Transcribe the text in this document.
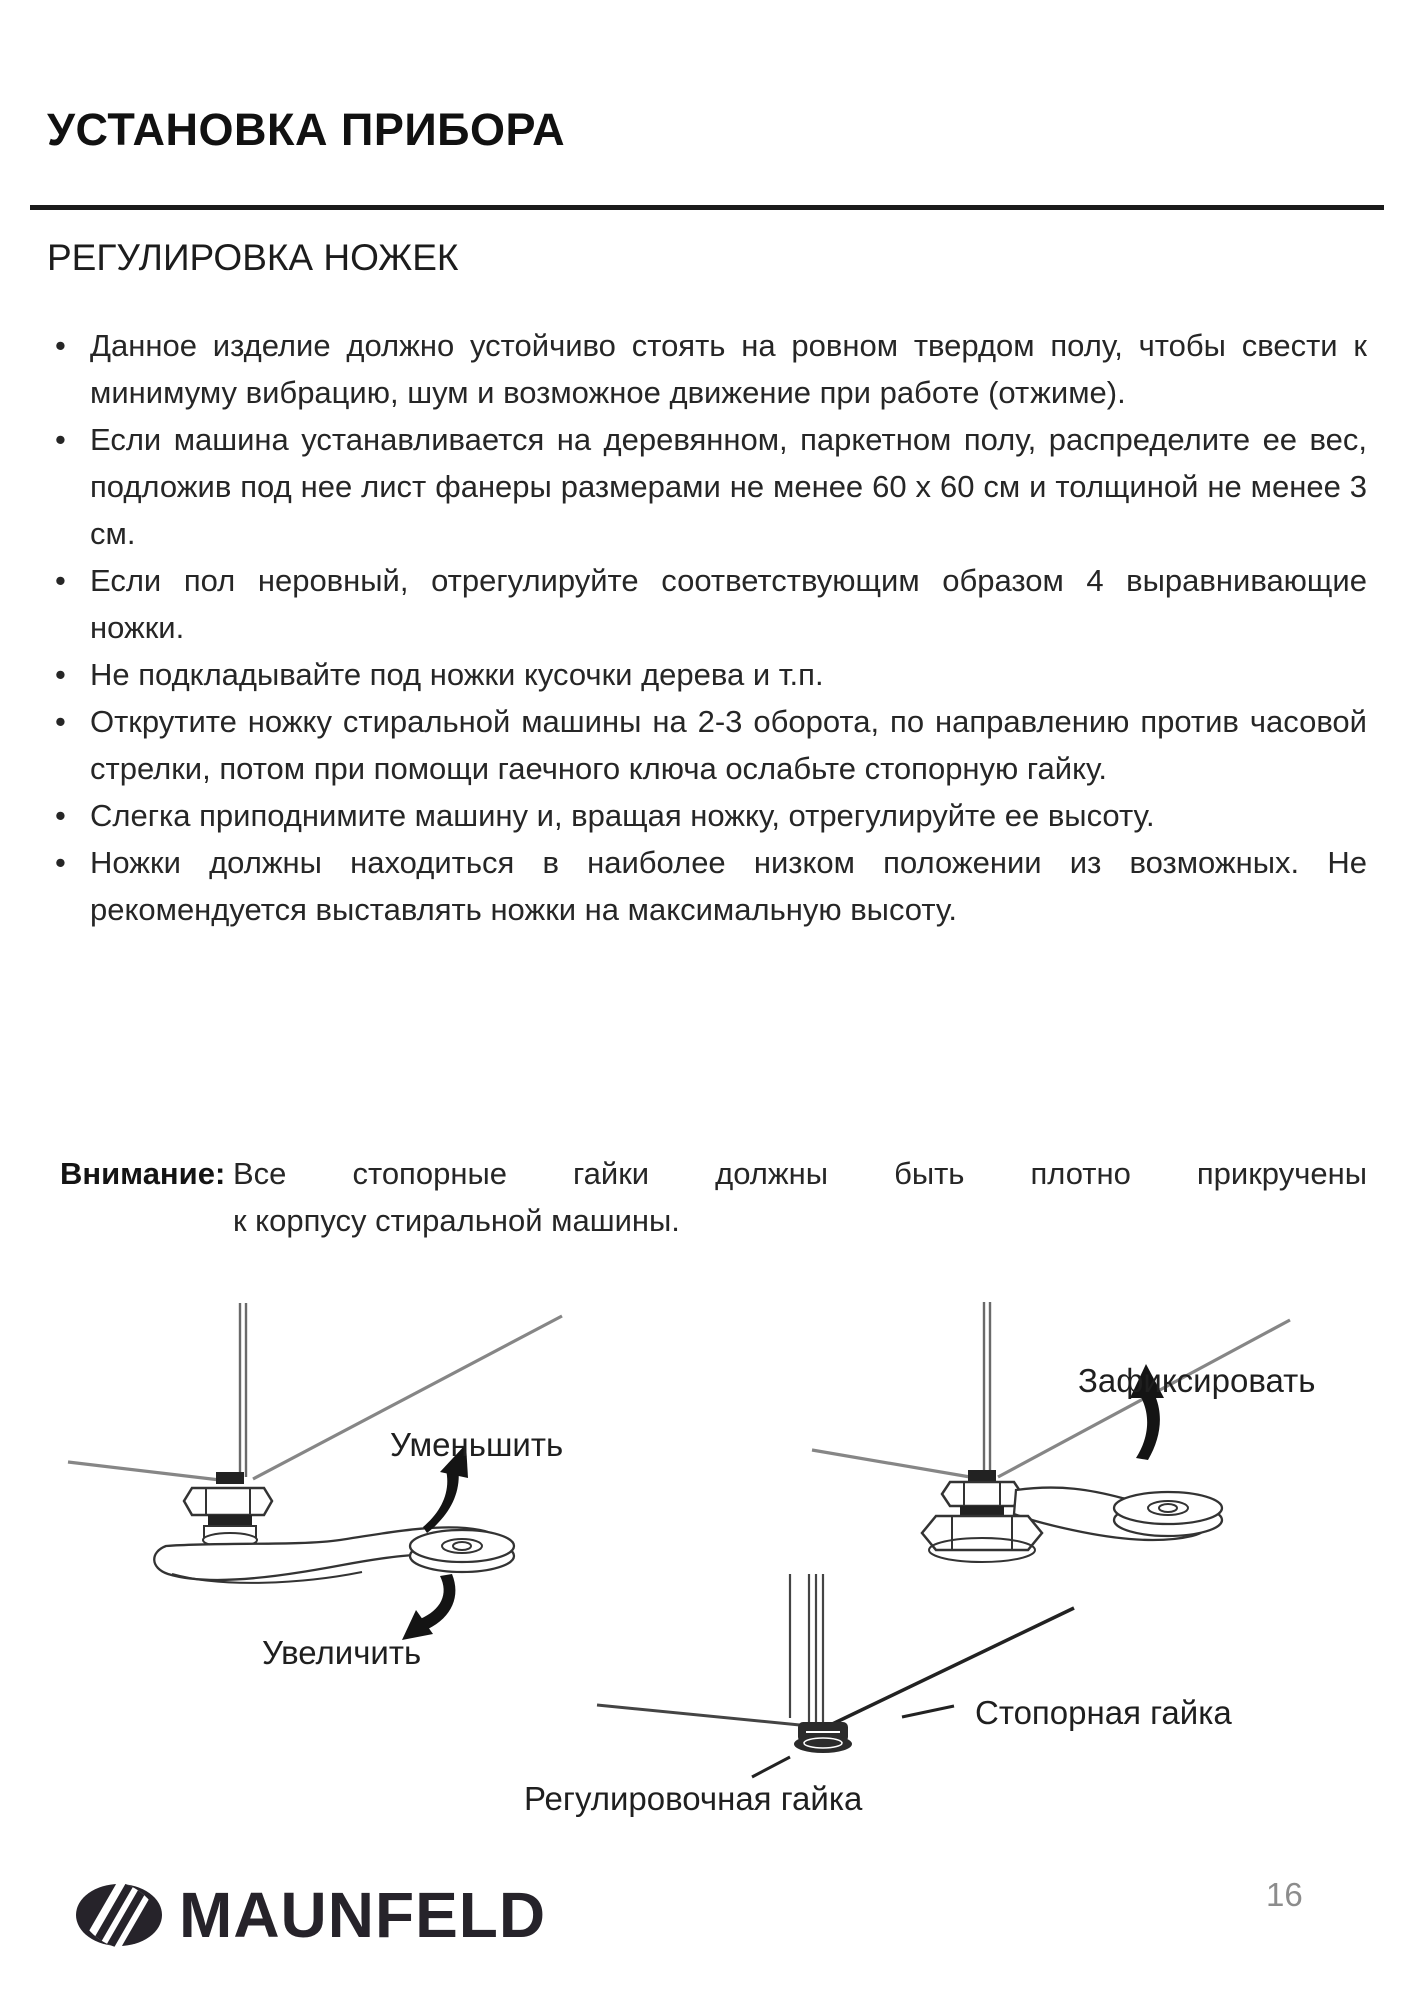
УСТАНОВКА ПРИБОРА
РЕГУЛИРОВКА НОЖЕК
• Данное изделие должно устойчиво стоять на ровном твердом полу, чтобы свести к минимуму вибрацию, шум и возможное движение при работе (отжиме).
• Если машина устанавливается на деревянном, паркетном полу, распределите ее вес, подложив под нее лист фанеры размерами не менее 60 х 60 см и толщиной не менее 3 см.
• Если пол неровный, отрегулируйте соответствующим образом 4 выравнивающие ножки.
• Не подкладывайте под ножки кусочки дерева и т.п.
• Открутите ножку стиральной машины на 2-3 оборота, по направлению против часовой стрелки, потом при помощи гаечного ключа ослабьте стопорную гайку.
• Слегка приподнимите машину и, вращая ножку, отрегулируйте ее высоту.
• Ножки должны находиться в наиболее низком положении из возможных. Не рекомендуется выставлять ножки на максимальную высоту.
Внимание: Все стопорные гайки должны быть плотно прикручены
к корпусу стиральной машины.
Уменьшить
Увеличить
Зафиксировать
Стопорная гайка
Регулировочная гайка
MAUNFELD	16
